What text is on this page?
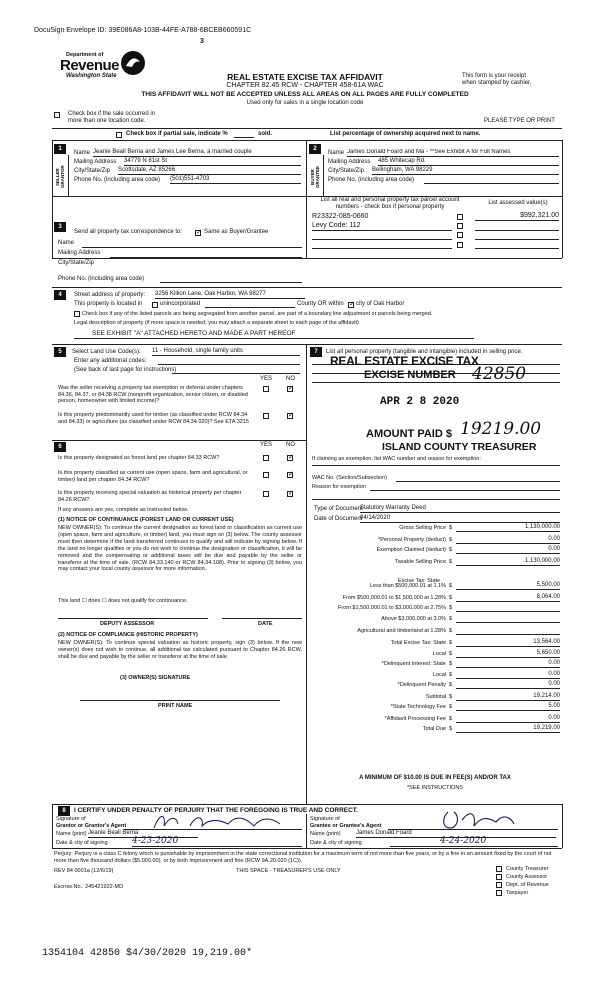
DocuSign Envelope ID: 39E086A8-103B-44FE-A788-6BCEB660591C
3
Department of
Revenue
Washington State	REAL ESTATE EXCISE TAX AFFIDAVIT
CHAPTER 82.45 RCW - CHAPTER 458-61A WAC
This form is your receipt
when stamped by cashier.
THIS AFFIDAVIT WILL NOT BE ACCEPTED UNLESS ALL AREAS ON ALL PAGES ARE FULLY COMPLETED
Used only for sales in a single location code
Check box if the sale occurred in
more than one location code.	PLEASE TYPE OR PRINT
Check box if partial sale, indicate %	sold.	List percentage of ownership acquired next to name.
1
SELLER GRANTOR
Name Jeanie Beall Berna and James Lee Berna, a married couple
Mailing Address 34779 N 81st St
City/State/Zip Scottsdale, AZ 85266
Phone No. (including area code) (501)551-4703
2
BUYER GRANTEE
Name James Donald Foard and Ma - **See Exhibit A for Full Names
Mailing Address 485 Whitecap Rd.
City/State/Zip Bellingham, WA 98229
Phone No. (including area code)
3
Send all property tax correspondence to: ✓	Same as Buyer/Grantee
Name
Mailing Address
List all real and personal property tax parcel account numbers - check box if personal property
List assessed value(s)
R23322-085-0660	$992,321.00
Levy Code: 112
City/State/Zip
Phone No. (including area code)
4	Street address of property: 3256 Killion Lane, Oak Harbor, WA 98277
This property is located in	unincorporated	County OR within ✓ city of Oak Harbor
Check box if any of the listed parcels are being segregated from another parcel, are part of a boundary line adjustment or parcels being merged.
Legal description of property (if more space is needed, you may attach a separate sheet to each page of the affidavit)
SEE EXHIBIT "A" ATTACHED HERETO AND MADE A PART HEREOF
5	Select Land Use Code(s): 11 - Household, single family units
Enter any additional codes:
(See back of last page for instructions)
YES NO
Was the seller receiving a property tax exemption or deferral under chapters 84.36, 84.37, or 84.38 RCW (nonprofit organization, senior citizen, or disabled person, homeowner with limited income)?
✓
Is this property predominantly used for timber (as classified under RCW 84.34 and 84.33) or agriculture (as classified under RCW 84.34.020)? See ETA 3215
✓
7	List all personal property (tangible and intangible) included in selling price.
REAL ESTATE EXCISE TAX
EXCISE NUMBER 42850
APR 2 8 2020
AMOUNT PAID $ 19219.00
ISLAND COUNTY TREASURER
6	YES NO
Is this property designated as forest land per chapter 84.33 RCW?
✓
Is this property classified as current use (open space, farm and agricultural, or timber) land per chapter 84.34 RCW?
✓
Is this property receiving special valuation as historical property per chapter 84.26 RCW?
✓
If any answers are yes, complete as instructed below.
(1) NOTICE OF CONTINUANCE (FOREST LAND OR CURRENT USE)
NEW OWNER(S): To continue the current designation as forest land or classification as current use (open space, farm and agriculture, or timber) land, you must sign on (3) below. The county assessor must then determine if the land transferred continues to qualify and will indicate by signing below. If the land no longer qualifies or you do not wish to continue the designation or classification, it will be removed and the compensating or additional taxes will be due and payable by the seller or transferor at the time of sale. (RCW 84.33.140 or RCW 84.34.108). Prior to signing (3) below, you may contact your local county assessor for more information.
This land ☐ does ☐ does not qualify for continuance.
DEPUTY ASSESSOR	DATE
(2) NOTICE OF COMPLIANCE (HISTORIC PROPERTY)
NEW OWNER(S): To continue special valuation as historic property, sign (3) below. If the new owner(s) does not wish to continue, all additional tax calculated pursuant to Chapter 84.26 RCW, shall be due and payable by the seller or transferor at the time of sale.
(3) OWNER(S) SIGNATURE
PRINT NAME
If claiming an exemption, list WAC number and reason for exemption:
WAC No. (Section/Subsection)
Reason for exemption
Type of Document
Statutory Warranty Deed
Date of Document
04/14/2020
Gross Selling Price $	1,130,000.00
*Personal Property (deduct) $	0.00
Exemption Claimed (deduct) $	0.00
Taxable Selling Price $	1,130,000.00
Less than $500,000.01 at 1.1% $	5,500.00
From $500,000.01 to $1,500,000 at 1.28% $	8,064.00
From $1,500,000.01 to $3,000,000 at 2.75% $
Above $3,000,000 at 3.0% $
Agricultural and timberland at 1.28% $
Total Excise Tax: State $	13,564.00
Local $	5,650.00
*Delinquent Interest: State $	0.00
Local $	0.00
*Delinquent Penalty $	0.00
Subtotal $	19,214.00
*State Technology Fee $	5.00
*Affidavit Processing Fee $	0.00
Total Due $	19,219.00
Excise Tax: State
A MINIMUM OF $10.00 IS DUE IN FEE(S) AND/OR TAX
*SEE INSTRUCTIONS
8	I CERTIFY UNDER PENALTY OF PERJURY THAT THE FOREGOING IS TRUE AND CORRECT.
Signature of
Grantor or Grantor's Agent
Signature of
Grantee or Grantee's Agent
Name (print) Jeanie Beall Berna	Name (print)	James Donald Foard
Date & city of signing	4-23-2020	Date & city of signing	4-24-2020
Perjury: Perjury is a class C felony which is punishable by imprisonment in the state correctional institution for a maximum term of not more than five years, or by a fine in an amount fixed by the court of not more than five thousand dollars ($5,000.00), or by both imprisonment and fine (RCW 9A.20.020 (1C)).
REV 84 0001a (12/6/19)	THIS SPACE - TREASURER'S USE ONLY
Escrow No.: 245421922-MD
County Treasurer
County Assessor
Dept. of Revenue
Taxpayer
1354104 42850 $4/30/2020 19,219.00*
